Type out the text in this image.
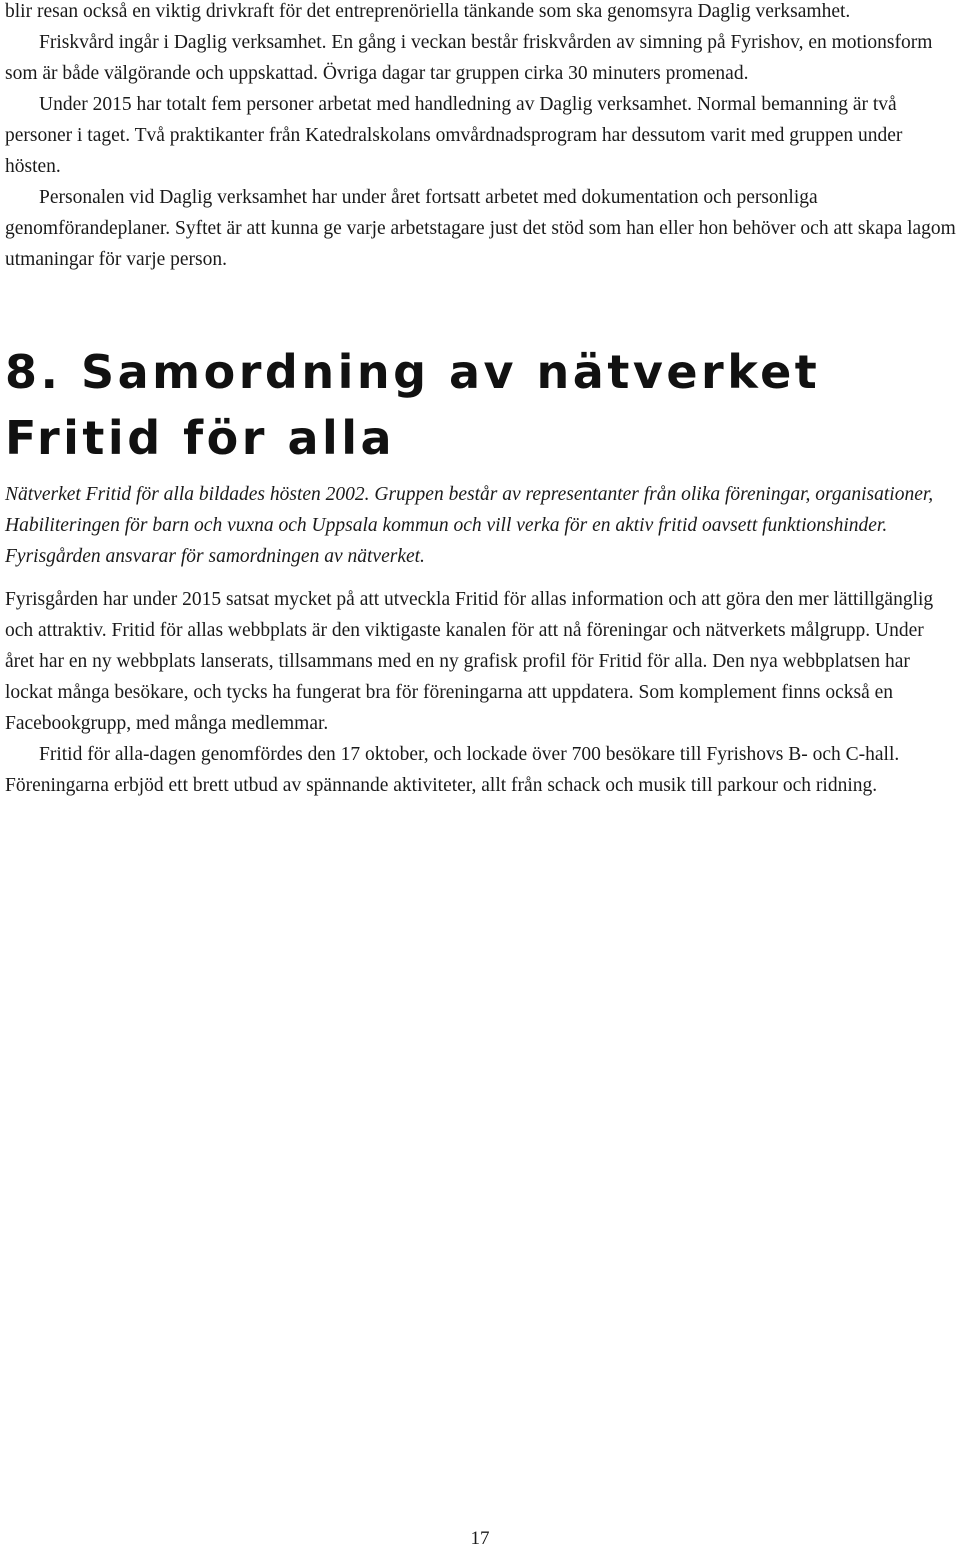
blir resan också en viktig drivkraft för det entreprenöriella tänkande som ska genomsyra Daglig verksamhet.

Friskvård ingår i Daglig verksamhet. En gång i veckan består friskvården av simning på Fyrishov, en motionsform som är både välgörande och uppskattad. Övriga dagar tar gruppen cirka 30 minuters promenad.

Under 2015 har totalt fem personer arbetat med handledning av Daglig verksamhet. Normal bemanning är två personer i taget. Två praktikanter från Katedralskolans omvårdnadsprogram har dessutom varit med gruppen under hösten.

Personalen vid Daglig verksamhet har under året fortsatt arbetet med dokumentation och personliga genomförandeplaner. Syftet är att kunna ge varje arbetstagare just det stöd som han eller hon behöver och att skapa lagom utmaningar för varje person.

8. Samordning av nätverket
Fritid för alla

Nätverket Fritid för alla bildades hösten 2002. Gruppen består av representanter från olika föreningar, organisationer, Habiliteringen för barn och vuxna och Uppsala kommun och vill verka för en aktiv fritid oavsett funktionshinder. Fyrisgården ansvarar för samordningen av nätverket.

Fyrisgården har under 2015 satsat mycket på att utveckla Fritid för allas information och att göra den mer lättillgänglig och attraktiv. Fritid för allas webbplats är den viktigaste kanalen för att nå föreningar och nätverkets målgrupp. Under året har en ny webbplats lanserats, tillsammans med en ny grafisk profil för Fritid för alla. Den nya webbplatsen har lockat många besökare, och tycks ha fungerat bra för föreningarna att uppdatera. Som komplement finns också en Facebookgrupp, med många medlemmar.

Fritid för alla-dagen genomfördes den 17 oktober, och lockade över 700 besökare till Fyrishovs B- och C-hall. Föreningarna erbjöd ett brett utbud av spännande aktiviteter, allt från schack och musik till parkour och ridning.

17
